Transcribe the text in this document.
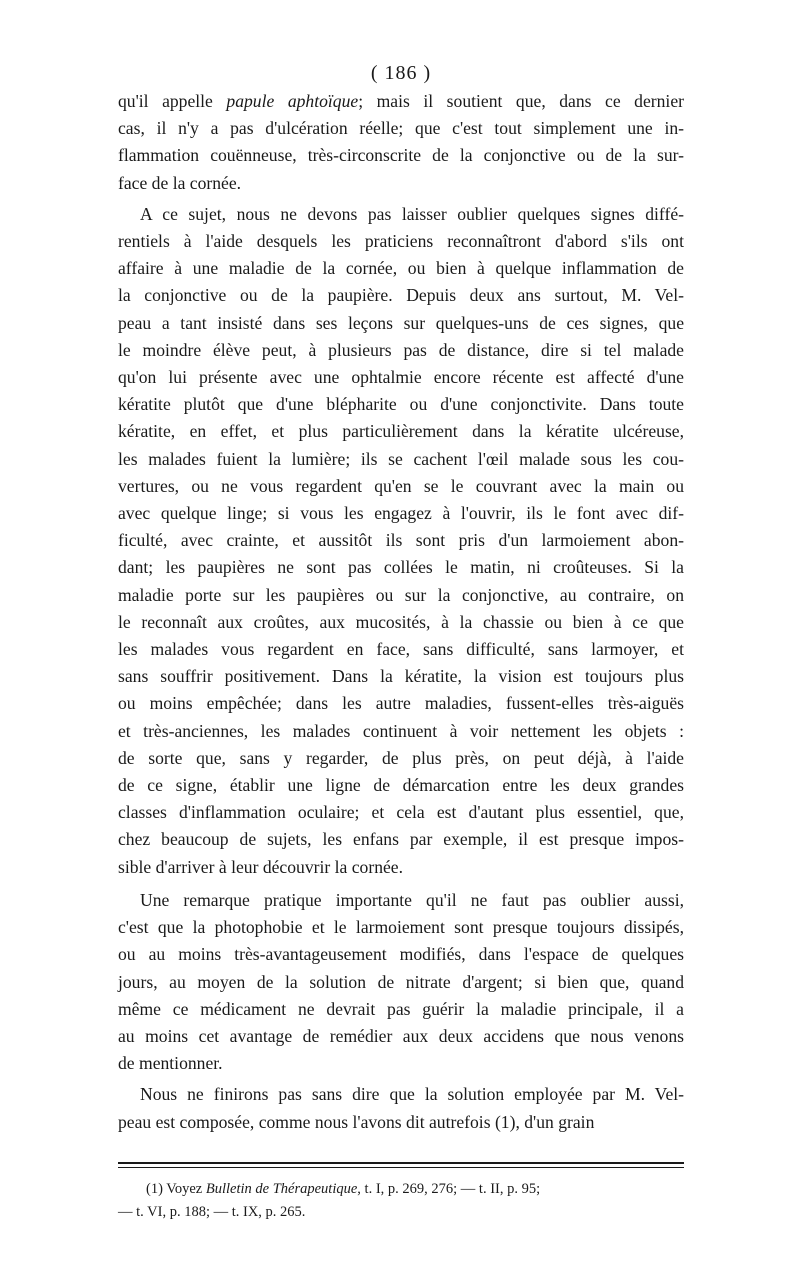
( 186 )
qu'il appelle papule aphtoïque; mais il soutient que, dans ce dernier
cas, il n'y a pas d'ulcération réelle; que c'est tout simplement une in-
flammation couënneuse, très-circonscrite de la conjonctive ou de la sur-
face de la cornée.
A ce sujet, nous ne devons pas laisser oublier quelques signes diffé-
rentiels à l'aide desquels les praticiens reconnaîtront d'abord s'ils ont
affaire à une maladie de la cornée, ou bien à quelque inflammation de
la conjonctive ou de la paupière. Depuis deux ans surtout, M. Vel-
peau a tant insisté dans ses leçons sur quelques-uns de ces signes, que
le moindre élève peut, à plusieurs pas de distance, dire si tel malade
qu'on lui présente avec une ophtalmie encore récente est affecté d'une
kératite plutôt que d'une blépharite ou d'une conjonctivite. Dans toute
kératite, en effet, et plus particulièrement dans la kératite ulcéreuse,
les malades fuient la lumière; ils se cachent l'œil malade sous les cou-
vertures, ou ne vous regardent qu'en se le couvrant avec la main ou
avec quelque linge; si vous les engagez à l'ouvrir, ils le font avec dif-
ficulté, avec crainte, et aussitôt ils sont pris d'un larmoiement abon-
dant; les paupières ne sont pas collées le matin, ni croûteuses. Si la
maladie porte sur les paupières ou sur la conjonctive, au contraire, on
le reconnaît aux croûtes, aux mucosités, à la chassie ou bien à ce que
les malades vous regardent en face, sans difficulté, sans larmoyer, et
sans souffrir positivement. Dans la kératite, la vision est toujours plus
ou moins empêchée; dans les autre maladies, fussent-elles très-aiguës
et très-anciennes, les malades continuent à voir nettement les objets :
de sorte que, sans y regarder, de plus près, on peut déjà, à l'aide
de ce signe, établir une ligne de démarcation entre les deux grandes
classes d'inflammation oculaire; et cela est d'autant plus essentiel, que,
chez beaucoup de sujets, les enfans par exemple, il est presque impos-
sible d'arriver à leur découvrir la cornée.
Une remarque pratique importante qu'il ne faut pas oublier aussi,
c'est que la photophobie et le larmoiement sont presque toujours dissipés,
ou au moins très-avantageusement modifiés, dans l'espace de quelques
jours, au moyen de la solution de nitrate d'argent; si bien que, quand
même ce médicament ne devrait pas guérir la maladie principale, il a
au moins cet avantage de remédier aux deux accidens que nous venons
de mentionner.
Nous ne finirons pas sans dire que la solution employée par M. Vel-
peau est composée, comme nous l'avons dit autrefois (1), d'un grain
(1) Voyez Bulletin de Thérapeutique, t. I, p. 269, 276; — t. II, p. 95;
— t. VI, p. 188; — t. IX, p. 265.
